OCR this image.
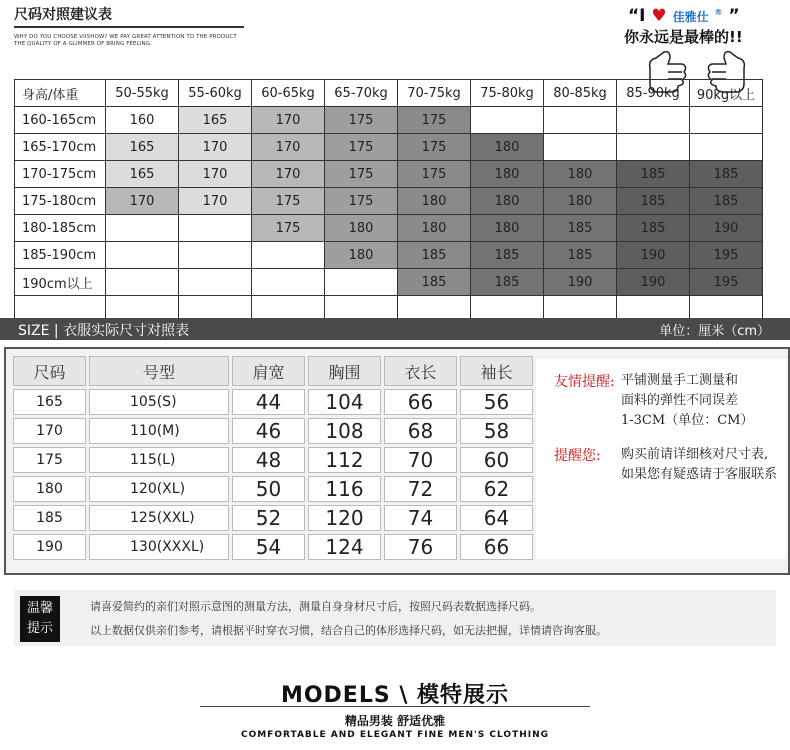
尺码对照建议表
WHY DO YOU CHOOSE VIISHOW? WE PAY GREAT ATTENTION TO THE PRODUCT
THE QUALITY OF A GLIMMER OF BRING FEELING.
“I ♥ 佳雅仕 ® ”
你永远是最棒的!!
身高/体重	50-55kg	55-60kg	60-65kg	65-70kg	70-75kg	75-80kg	80-85kg	85-90kg	90kg以上
160-165cm	160	165	170	175	175				
165-170cm	165	170	170	175	175	180			
170-175cm	165	170	170	175	175	180	180	185	185
175-180cm	170	170	175	175	180	180	180	185	185
180-185cm			175	180	180	180	185	185	190
185-190cm				180	185	185	185	190	195
190cm以上					185	185	190	190	195

SIZE | 衣服实际尺寸对照表	单位：厘米（cm）
尺码	号型	肩宽	胸围	衣长	袖长
165	105(S)	44	104	66	56
170	110(M)	46	108	68	58
175	115(L)	48	112	70	60
180	120(XL)	50	116	72	62
185	125(XXL)	52	120	74	64
190	130(XXXL)	54	124	76	66
友情提醒: 平铺测量手工测量和
面料的弹性不同误差
1-3CM（单位：CM）
提醒您: 购买前请详细核对尺寸表,
如果您有疑惑请于客服联系
温馨
提示
请喜爱简约的亲们对照示意图的测量方法，测量自身身材尺寸后，按照尺码表数据选择尺码。
以上数据仅供亲们参考，请根据平时穿衣习惯，结合自己的体形选择尺码，如无法把握，详情请咨询客服。
MODELS \ 模特展示
精品男装 舒适优雅
COMFORTABLE AND ELEGANT FINE MEN'S CLOTHING
